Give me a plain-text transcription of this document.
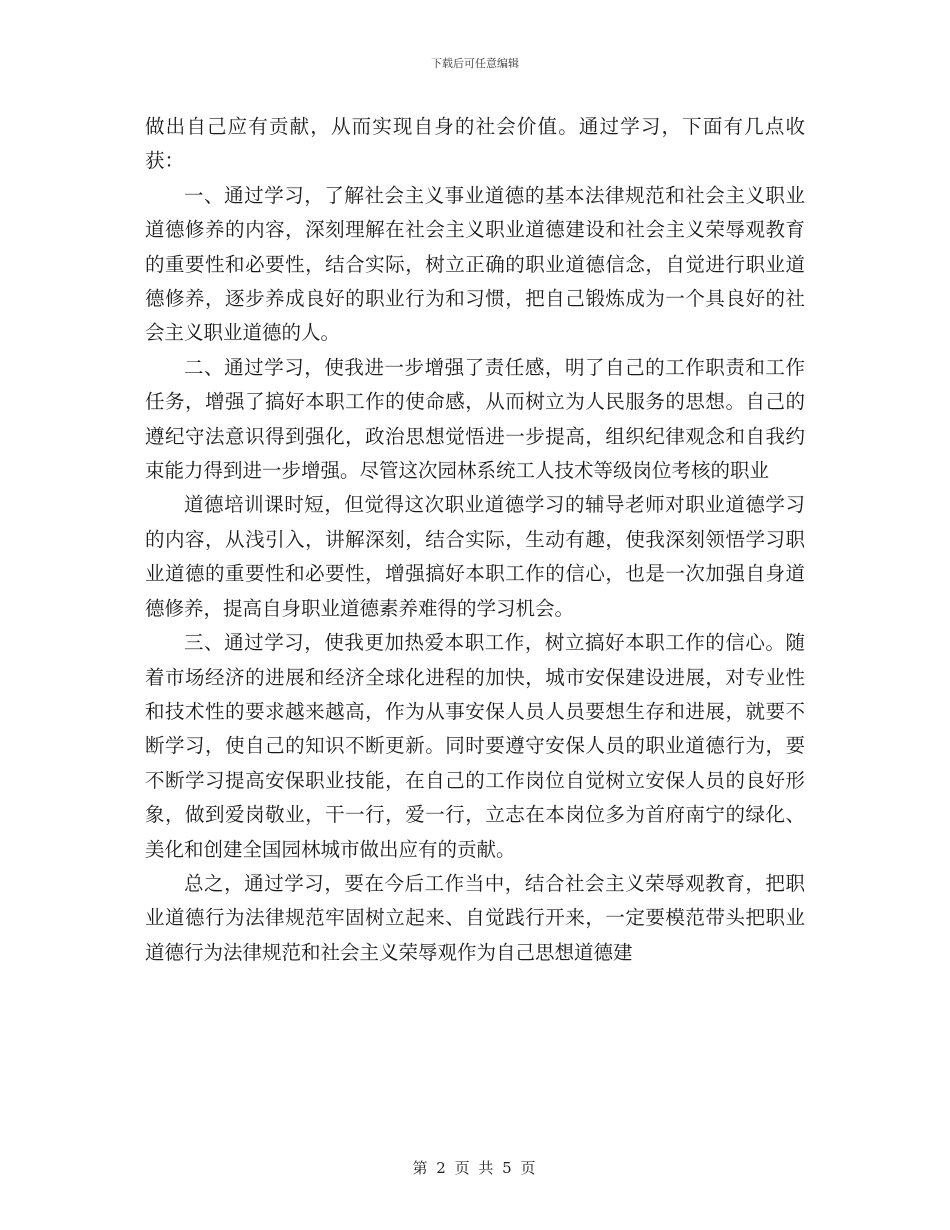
下载后可任意编辑

做出自己应有贡献，从而实现自身的社会价值。通过学习，下面有几点收获：

一、通过学习，了解社会主义事业道德的基本法律规范和社会主义职业道德修养的内容，深刻理解在社会主义职业道德建设和社会主义荣辱观教育的重要性和必要性，结合实际，树立正确的职业道德信念，自觉进行职业道德修养，逐步养成良好的职业行为和习惯，把自己锻炼成为一个具良好的社会主义职业道德的人。

二、通过学习，使我进一步增强了责任感，明了自己的工作职责和工作任务，增强了搞好本职工作的使命感，从而树立为人民服务的思想。自己的遵纪守法意识得到强化，政治思想觉悟进一步提高，组织纪律观念和自我约束能力得到进一步增强。尽管这次园林系统工人技术等级岗位考核的职业

道德培训课时短，但觉得这次职业道德学习的辅导老师对职业道德学习的内容，从浅引入，讲解深刻，结合实际，生动有趣，使我深刻领悟学习职业道德的重要性和必要性，增强搞好本职工作的信心，也是一次加强自身道德修养，提高自身职业道德素养难得的学习机会。

三、通过学习，使我更加热爱本职工作，树立搞好本职工作的信心。随着市场经济的进展和经济全球化进程的加快，城市安保建设进展，对专业性和技术性的要求越来越高，作为从事安保人员人员要想生存和进展，就要不断学习，使自己的知识不断更新。同时要遵守安保人员的职业道德行为，要不断学习提高安保职业技能，在自己的工作岗位自觉树立安保人员的良好形象，做到爱岗敬业，干一行，爱一行，立志在本岗位多为首府南宁的绿化、美化和创建全国园林城市做出应有的贡献。

总之，通过学习，要在今后工作当中，结合社会主义荣辱观教育，把职业道德行为法律规范牢固树立起来、自觉践行开来，一定要模范带头把职业道德行为法律规范和社会主义荣辱观作为自己思想道德建

第 2 页 共 5 页
